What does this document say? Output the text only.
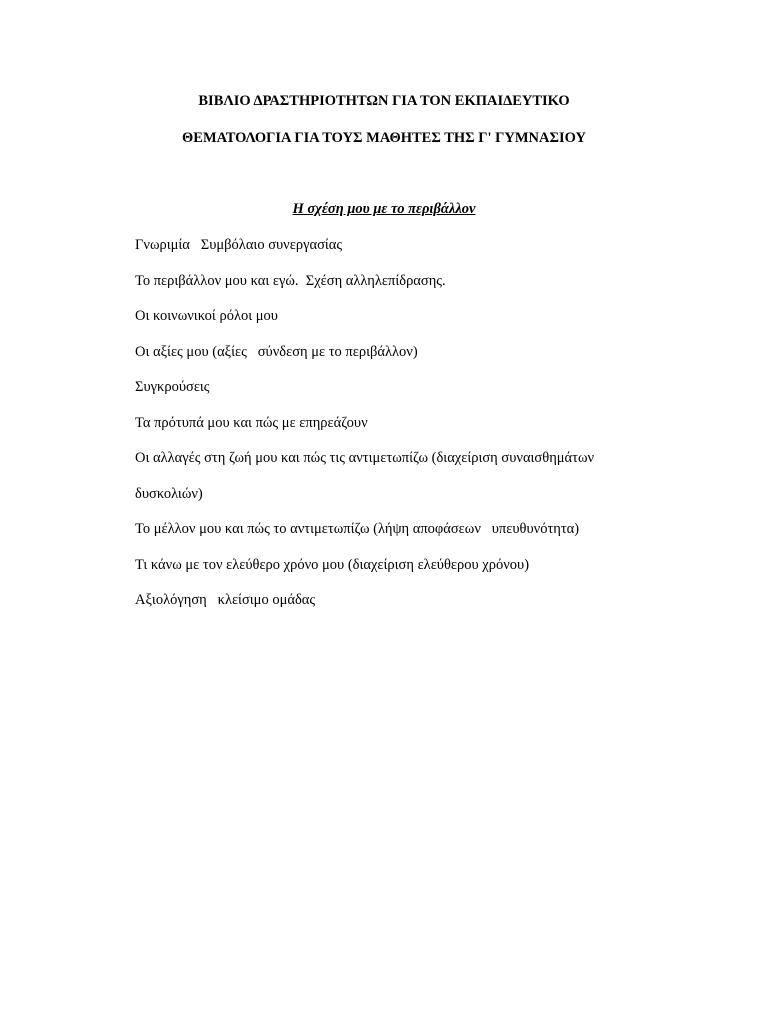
ΒΙΒΛΙΟ ΔΡΑΣΤΗΡΙΟΤΗΤΩΝ ΓΙΑ ΤΟΝ ΕΚΠΑΙΔΕΥΤΙΚΟ

ΘΕΜΑΤΟΛΟΓΙΑ ΓΙΑ ΤΟΥΣ ΜΑΘΗΤΕΣ ΤΗΣ Γ' ΓΥΜΝΑΣΙΟΥ

Η σχέση μου με το περιβάλλον

Γνωριμία   Συμβόλαιο συνεργασίας
Το περιβάλλον μου και εγώ.  Σχέση αλληλεπίδρασης.
Οι κοινωνικοί ρόλοι μου
Οι αξίες μου (αξίες   σύνδεση με το περιβάλλον)
Συγκρούσεις
Τα πρότυπά μου και πώς με επηρεάζουν
Οι αλλαγές στη ζωή μου και πώς τις αντιμετωπίζω (διαχείριση συναισθημάτων
δυσκολιών)
Το μέλλον μου και πώς το αντιμετωπίζω (λήψη αποφάσεων   υπευθυνότητα)
Τι κάνω με τον ελεύθερο χρόνο μου (διαχείριση ελεύθερου χρόνου)
Αξιολόγηση   κλείσιμο ομάδας
